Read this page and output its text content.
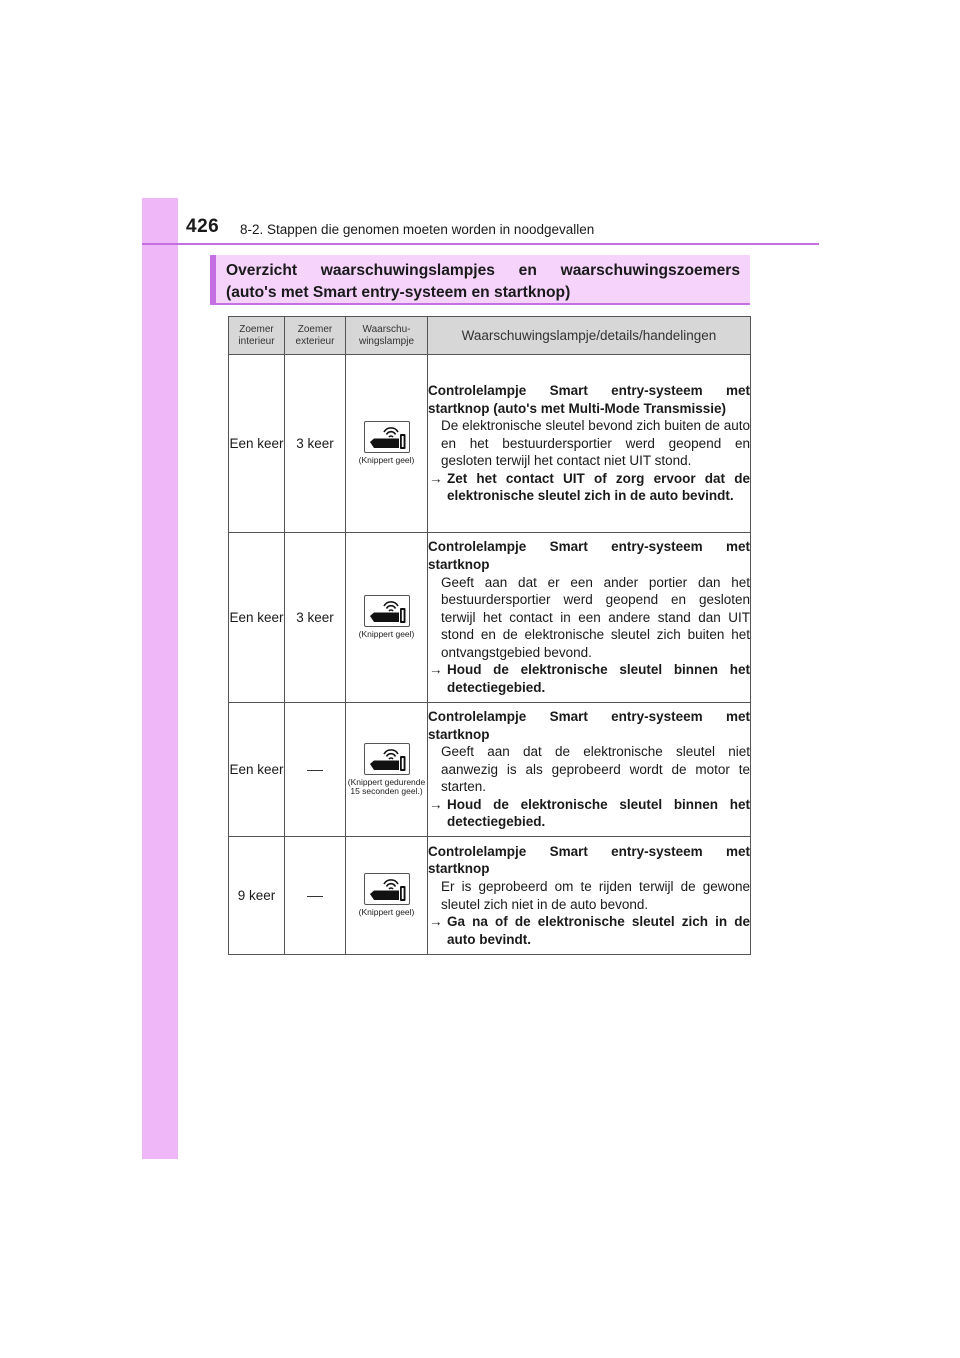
426 8-2. Stappen die genomen moeten worden in noodgevallen
Overzicht waarschuwingslampjes en waarschuwingszoemers
(auto's met Smart entry-systeem en startknop)
Zoemer interieur	Zoemer exterieur	Waarschu-wingslampje	Waarschuwingslampje/details/handelingen
Een keer	3 keer	(Knippert geel)	Controlelampje Smart entry-systeem met startknop (auto's met Multi-Mode Transmissie)
De elektronische sleutel bevond zich buiten de auto en het bestuurdersportier werd geopend en gesloten terwijl het contact niet UIT stond.
→ Zet het contact UIT of zorg ervoor dat de elektronische sleutel zich in de auto bevindt.

Een keer	3 keer	(Knippert geel)	Controlelampje Smart entry-systeem met startknop
Geeft aan dat er een ander portier dan het bestuurdersportier werd geopend en gesloten terwijl het contact in een andere stand dan UIT stond en de elektronische sleutel zich buiten het ontvangstgebied bevond.
→ Houd de elektronische sleutel binnen het detectiegebied.

Een keer		(Knippert gedurende 15 seconden geel.)	Controlelampje Smart entry-systeem met startknop
Geeft aan dat de elektronische sleutel niet aanwezig is als geprobeerd wordt de motor te starten.
→ Houd de elektronische sleutel binnen het detectiegebied.

9 keer		(Knippert geel)	Controlelampje Smart entry-systeem met startknop
Er is geprobeerd om te rijden terwijl de gewone sleutel zich niet in de auto bevond.
→ Ga na of de elektronische sleutel zich in de auto bevindt.
